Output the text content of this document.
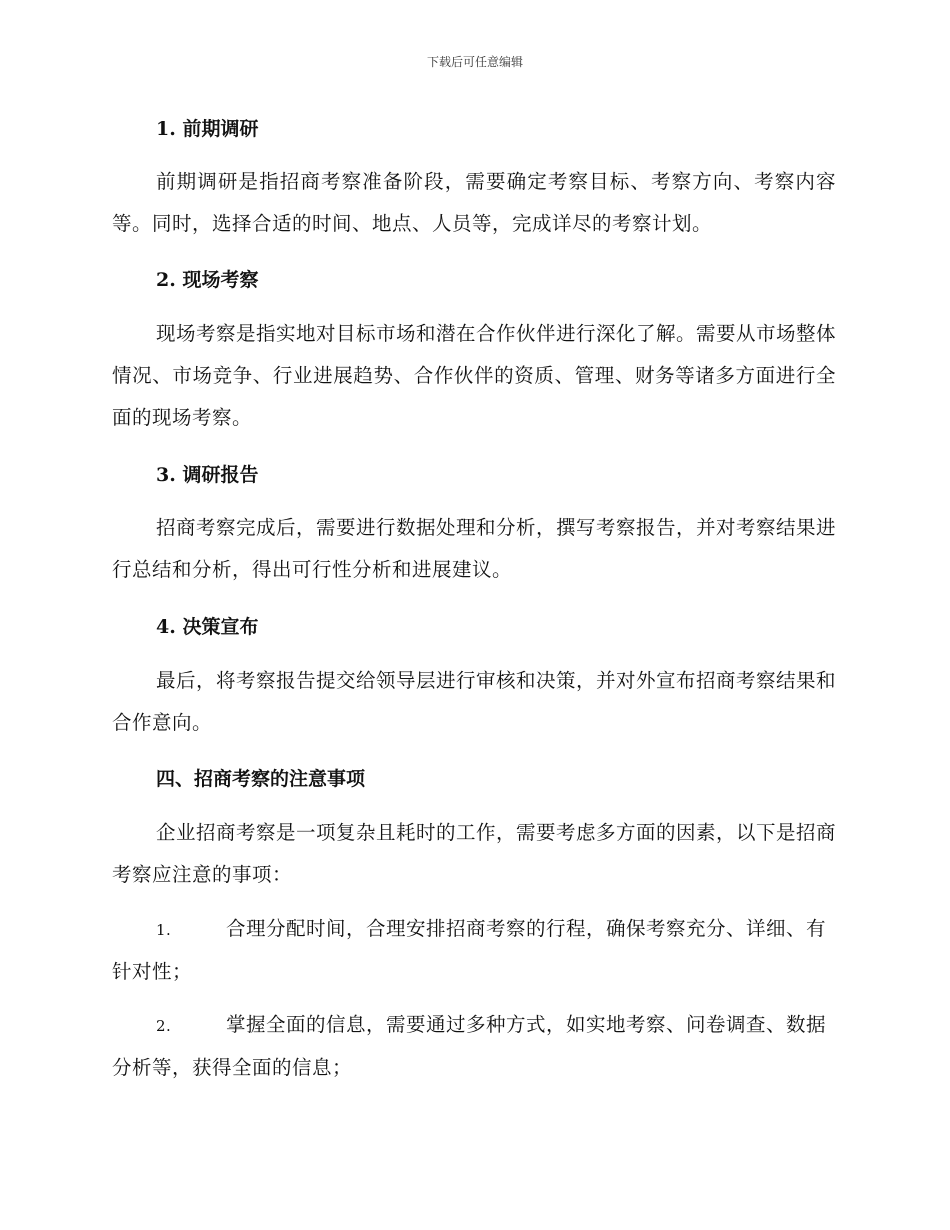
下载后可任意编辑
1. 前期调研
前期调研是指招商考察准备阶段，需要确定考察目标、考察方向、考察内容等。同时，选择合适的时间、地点、人员等，完成详尽的考察计划。
2. 现场考察
现场考察是指实地对目标市场和潜在合作伙伴进行深化了解。需要从市场整体情况、市场竞争、行业进展趋势、合作伙伴的资质、管理、财务等诸多方面进行全面的现场考察。
3. 调研报告
招商考察完成后，需要进行数据处理和分析，撰写考察报告，并对考察结果进行总结和分析，得出可行性分析和进展建议。
4. 决策宣布
最后，将考察报告提交给领导层进行审核和决策，并对外宣布招商考察结果和合作意向。
四、招商考察的注意事项
企业招商考察是一项复杂且耗时的工作，需要考虑多方面的因素，以下是招商考察应注意的事项：
1.	合理分配时间，合理安排招商考察的行程，确保考察充分、详细、有针对性；
2.	掌握全面的信息，需要通过多种方式，如实地考察、问卷调查、数据分析等，获得全面的信息；
